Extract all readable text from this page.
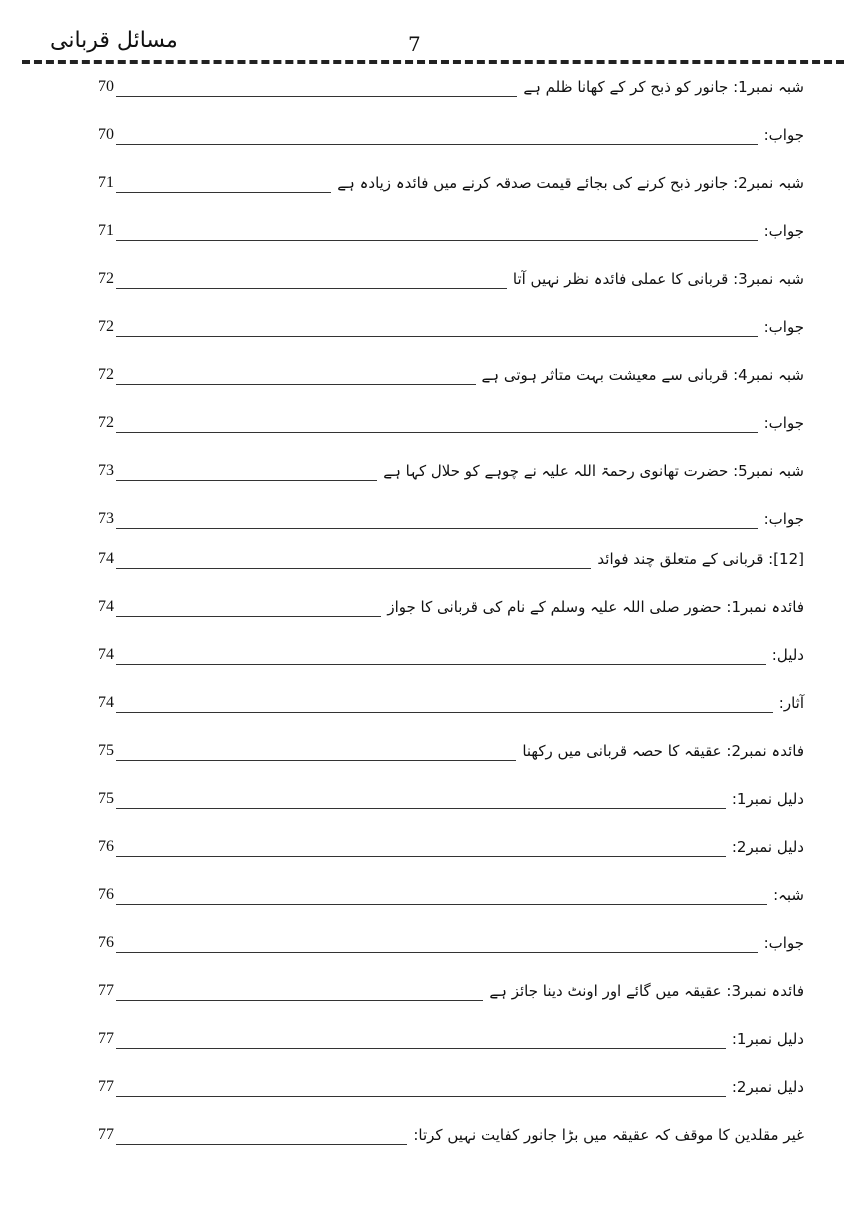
مسائل قربانی	7
70	شبہ نمبر1: جانور کو ذبح کر کے کھانا ظلم ہے
70	جواب:
71	شبہ نمبر2: جانور ذبح کرنے کی بجائے قیمت صدقہ کرنے میں فائدہ زیادہ ہے
71	جواب:
72	شبہ نمبر3: قربانی کا عملی فائدہ نظر نہیں آتا
72	جواب:
72	شبہ نمبر4: قربانی سے معیشت بہت متاثر ہوتی ہے
72	جواب:
73	شبہ نمبر5: حضرت تھانوی رحمۃ اللہ علیہ نے چوہے کو حلال کہا ہے
73	جواب:
74	[12]: قربانی کے متعلق چند فوائد
74	فائدہ نمبر1: حضور صلی اللہ علیہ وسلم کے نام کی قربانی کا جواز
74	دلیل:
74	آثار:
75	فائدہ نمبر2: عقیقہ کا حصہ قربانی میں رکھنا
75	دلیل نمبر1:
76	دلیل نمبر2:
76	شبہ:
76	جواب:
77	فائدہ نمبر3: عقیقہ میں گائے اور اونٹ دینا جائز ہے
77	دلیل نمبر1:
77	دلیل نمبر2:
77	غیر مقلدین کا موقف کہ عقیقہ میں بڑا جانور کفایت نہیں کرتا:
